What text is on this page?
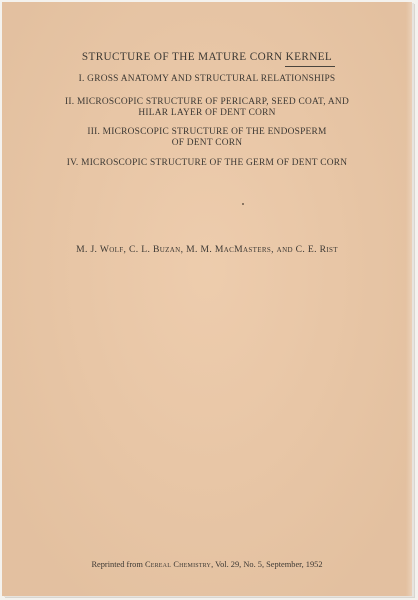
STRUCTURE OF THE MATURE CORN KERNEL
I. GROSS ANATOMY AND STRUCTURAL RELATIONSHIPS
II. MICROSCOPIC STRUCTURE OF PERICARP, SEED COAT, AND
HILAR LAYER OF DENT CORN
III. MICROSCOPIC STRUCTURE OF THE ENDOSPERM
OF DENT CORN
IV. MICROSCOPIC STRUCTURE OF THE GERM OF DENT CORN
M. J. Wolf, C. L. Buzan, M. M. MacMasters, and C. E. Rist
Reprinted from Cereal Chemistry, Vol. 29, No. 5, September, 1952
